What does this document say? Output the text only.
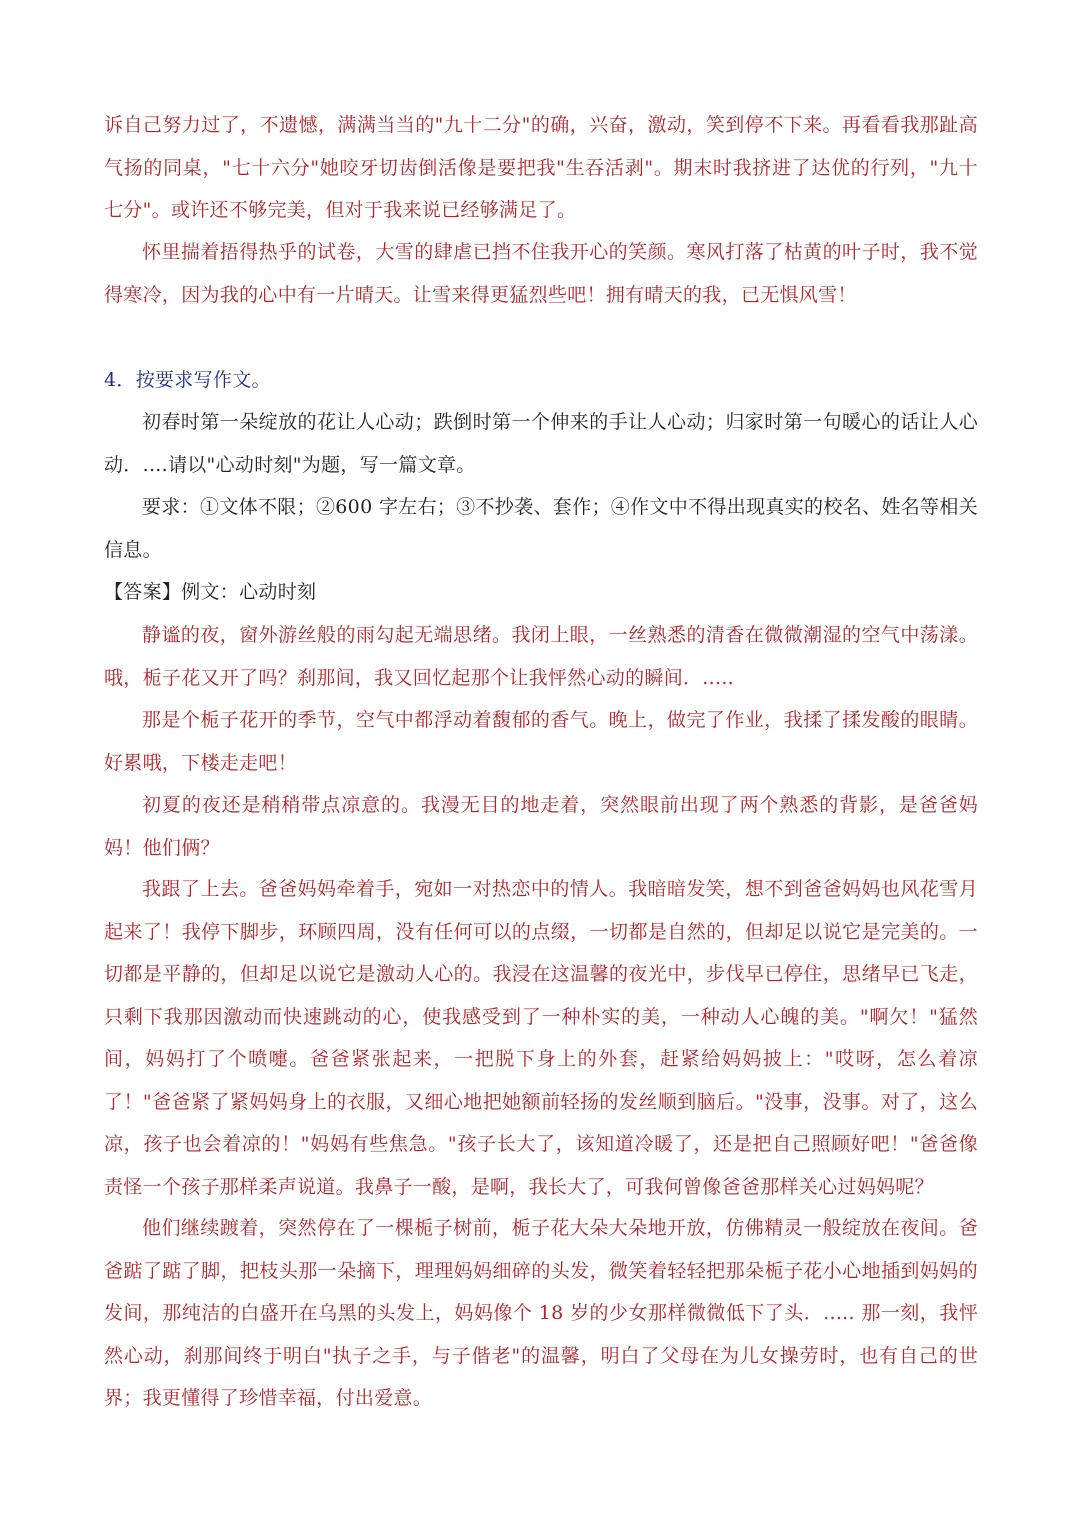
诉自己努力过了，不遗憾，满满当当的"九十二分"的确，兴奋，激动，笑到停不下来。再看看我那趾高气扬的同桌，"七十六分"她咬牙切齿倒活像是要把我"生吞活剥"。期末时我挤进了达优的行列，"九十七分"。或许还不够完美，但对于我来说已经够满足了。

怀里揣着捂得热乎的试卷，大雪的肆虐已挡不住我开心的笑颜。寒风打落了枯黄的叶子时，我不觉得寒冷，因为我的心中有一片晴天。让雪来得更猛烈些吧！拥有晴天的我，已无惧风雪！

4．按要求写作文。

初春时第一朵绽放的花让人心动；跌倒时第一个伸来的手让人心动；归家时第一句暖心的话让人心动．....请以"心动时刻"为题，写一篇文章。

要求：①文体不限；②600 字左右；③不抄袭、套作；④作文中不得出现真实的校名、姓名等相关信息。

【答案】例文：心动时刻

静谧的夜，窗外游丝般的雨勾起无端思绪。我闭上眼，一丝熟悉的清香在微微潮湿的空气中荡漾。哦，栀子花又开了吗？刹那间，我又回忆起那个让我怦然心动的瞬间．.....

那是个栀子花开的季节，空气中都浮动着馥郁的香气。晚上，做完了作业，我揉了揉发酸的眼睛。好累哦，下楼走走吧！

初夏的夜还是稍稍带点凉意的。我漫无目的地走着，突然眼前出现了两个熟悉的背影，是爸爸妈妈！他们俩？

我跟了上去。爸爸妈妈牵着手，宛如一对热恋中的情人。我暗暗发笑，想不到爸爸妈妈也风花雪月起来了！我停下脚步，环顾四周，没有任何可以的点缀，一切都是自然的，但却足以说它是完美的。一切都是平静的，但却足以说它是激动人心的。我浸在这温馨的夜光中，步伐早已停住，思绪早已飞走，只剩下我那因激动而快速跳动的心，使我感受到了一种朴实的美，一种动人心魄的美。"啊欠！"猛然间，妈妈打了个喷嚏。爸爸紧张起来，一把脱下身上的外套，赶紧给妈妈披上："哎呀，怎么着凉了！"爸爸紧了紧妈妈身上的衣服，又细心地把她额前轻扬的发丝顺到脑后。"没事，没事。对了，这么凉，孩子也会着凉的！"妈妈有些焦急。"孩子长大了，该知道冷暖了，还是把自己照顾好吧！"爸爸像责怪一个孩子那样柔声说道。我鼻子一酸，是啊，我长大了，可我何曾像爸爸那样关心过妈妈呢？

他们继续踱着，突然停在了一棵栀子树前，栀子花大朵大朵地开放，仿佛精灵一般绽放在夜间。爸爸踮了踮了脚，把枝头那一朵摘下，理理妈妈细碎的头发，微笑着轻轻把那朵栀子花小心地插到妈妈的发间，那纯洁的白盛开在乌黑的头发上，妈妈像个 18 岁的少女那样微微低下了头．..... 那一刻，我怦然心动，刹那间终于明白"执子之手，与子偕老"的温馨，明白了父母在为儿女操劳时，也有自己的世界；我更懂得了珍惜幸福，付出爱意。
